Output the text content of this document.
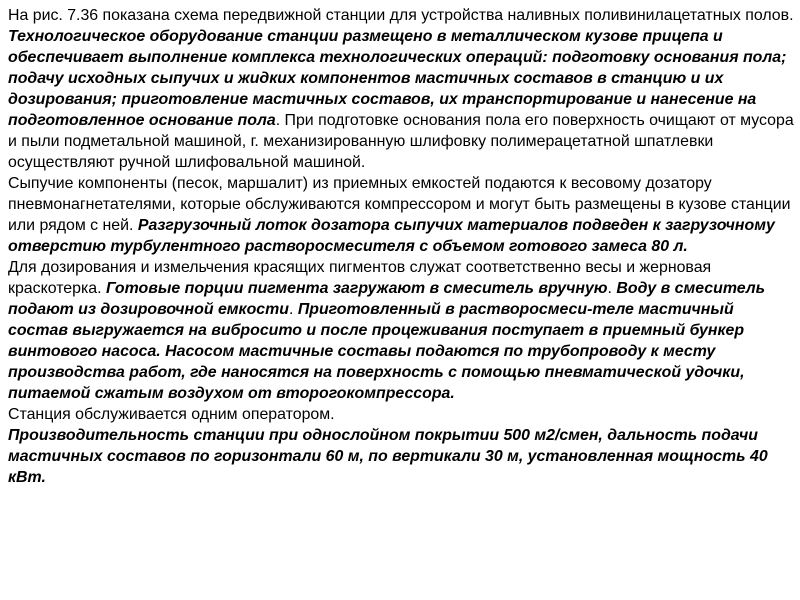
На рис. 7.36 показана схема передвижной станции для устройства наливных поливинилацетатных полов. Технологическое оборудование станции размещено в металлическом кузове прицепа и обеспечивает выполнение комплекса технологических операций: подготовку основания пола; подачу исходных сыпучих и жидких компонентов мастичных составов в станцию и их дозирования; приготовление мастичных составов, их транспортирование и нанесение на подготовленное основание пола. При подготовке основания пола его поверхность очищают от мусора и пыли подметальной машиной, г. механизированную шлифовку полимерацетатной шпатлевки осуществляют ручной шлифовальной машиной.

Сыпучие компоненты (песок, маршалит) из приемных емкостей подаются к весовому дозатору пневмонагнетателями, которые обслуживаются компрессором и могут быть размещены в кузове станции или рядом с ней. Разгрузочный лоток дозатора сыпучих материалов подведен к загрузочному отверстию турбулентного растворосмесителя с объемом готового замеса 80 л.

Для дозирования и измельчения красящих пигментов служат соответственно весы и жерновая краскотерка. Готовые порции пигмента загружают в смеситель вручную. Воду в смеситель подают из дозировочной емкости. Приготовленный в растворосмеси-теле мастичный состав выгружается на вибросито и после процеживания поступает в приемный бункер винтового насоса. Насосом мастичные составы подаются по трубопроводу к месту производства работ, где наносятся на поверхность с помощью пневматической удочки, питаемой сжатым воздухом от второгокомпрессора.

Станция обслуживается одним оператором.

Производительность станции при однослойном покрытии 500 м2/смен, дальность подачи мастичных составов по горизонтали 60 м, по вертикали 30 м, установленная мощность 40 кВт.
